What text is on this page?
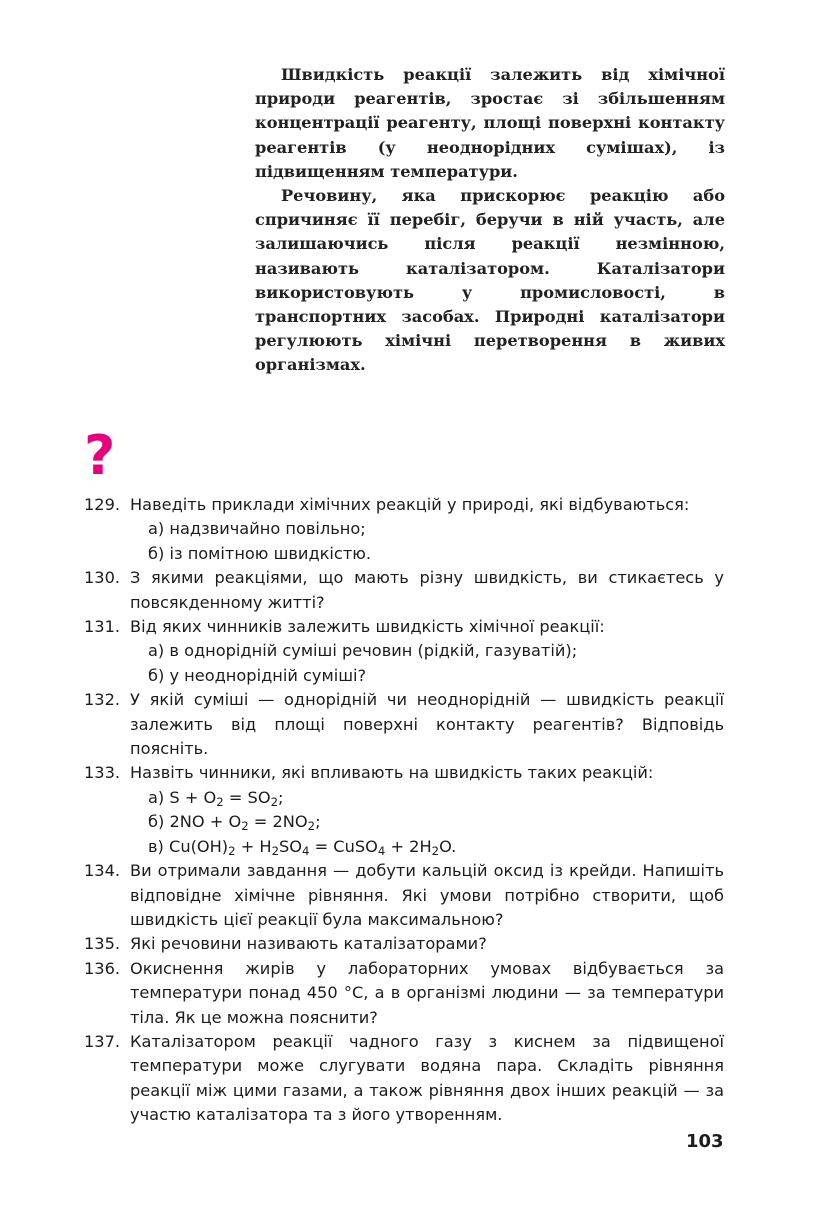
Швидкість реакції залежить від хімічної природи реагентів, зростає зі збільшенням концентрації реагенту, площі поверхні контакту реагентів (у неоднорідних сумішах), із підвищенням температури.

Речовину, яка прискорює реакцію або спричиняє її перебіг, беручи в ній участь, але залишаючись після реакції незмінною, називають каталізатором. Каталізатори використовують у промисловості, в транспортних засобах. Природні каталізатори регулюють хімічні перетворення в живих організмах.

?
129. Наведіть приклади хімічних реакцій у природі, які відбуваються:
а) надзвичайно повільно;
б) із помітною швидкістю.
130. З якими реакціями, що мають різну швидкість, ви стикаєтесь у повсякденному житті?
131. Від яких чинників залежить швидкість хімічної реакції:
а) в однорідній суміші речовин (рідкій, газуватій);
б) у неоднорідній суміші?
132. У якій суміші — однорідній чи неоднорідній — швидкість реакції залежить від площі поверхні контакту реагентів? Відповідь поясніть.
133. Назвіть чинники, які впливають на швидкість таких реакцій:
а) $S + O_2 = SO_2$;
б) $2NO + O_2 = 2NO_2$;
в) $Cu(OH)_2 + H_2SO_4$ = CuSO$_4$ + $2H_2O$.
134. Ви отримали завдання — добути кальцій оксид із крейди. Напишіть відповідне хімічне рівняння. Які умови потрібно створити, щоб швидкість цієї реакції була максимальною?
135. Які речовини називають каталізаторами?
136. Окиснення жирів у лабораторних умовах відбувається за температури понад 450 °С, а в організмі людини — за температури тіла. Як це можна пояснити?
137. Каталізатором реакції чадного газу з киснем за підвищеної температури може слугувати водяна пара. Складіть рівняння реакції між цими газами, а також рівняння двох інших реакцій — за участю каталізатора та з його утворенням.
103
